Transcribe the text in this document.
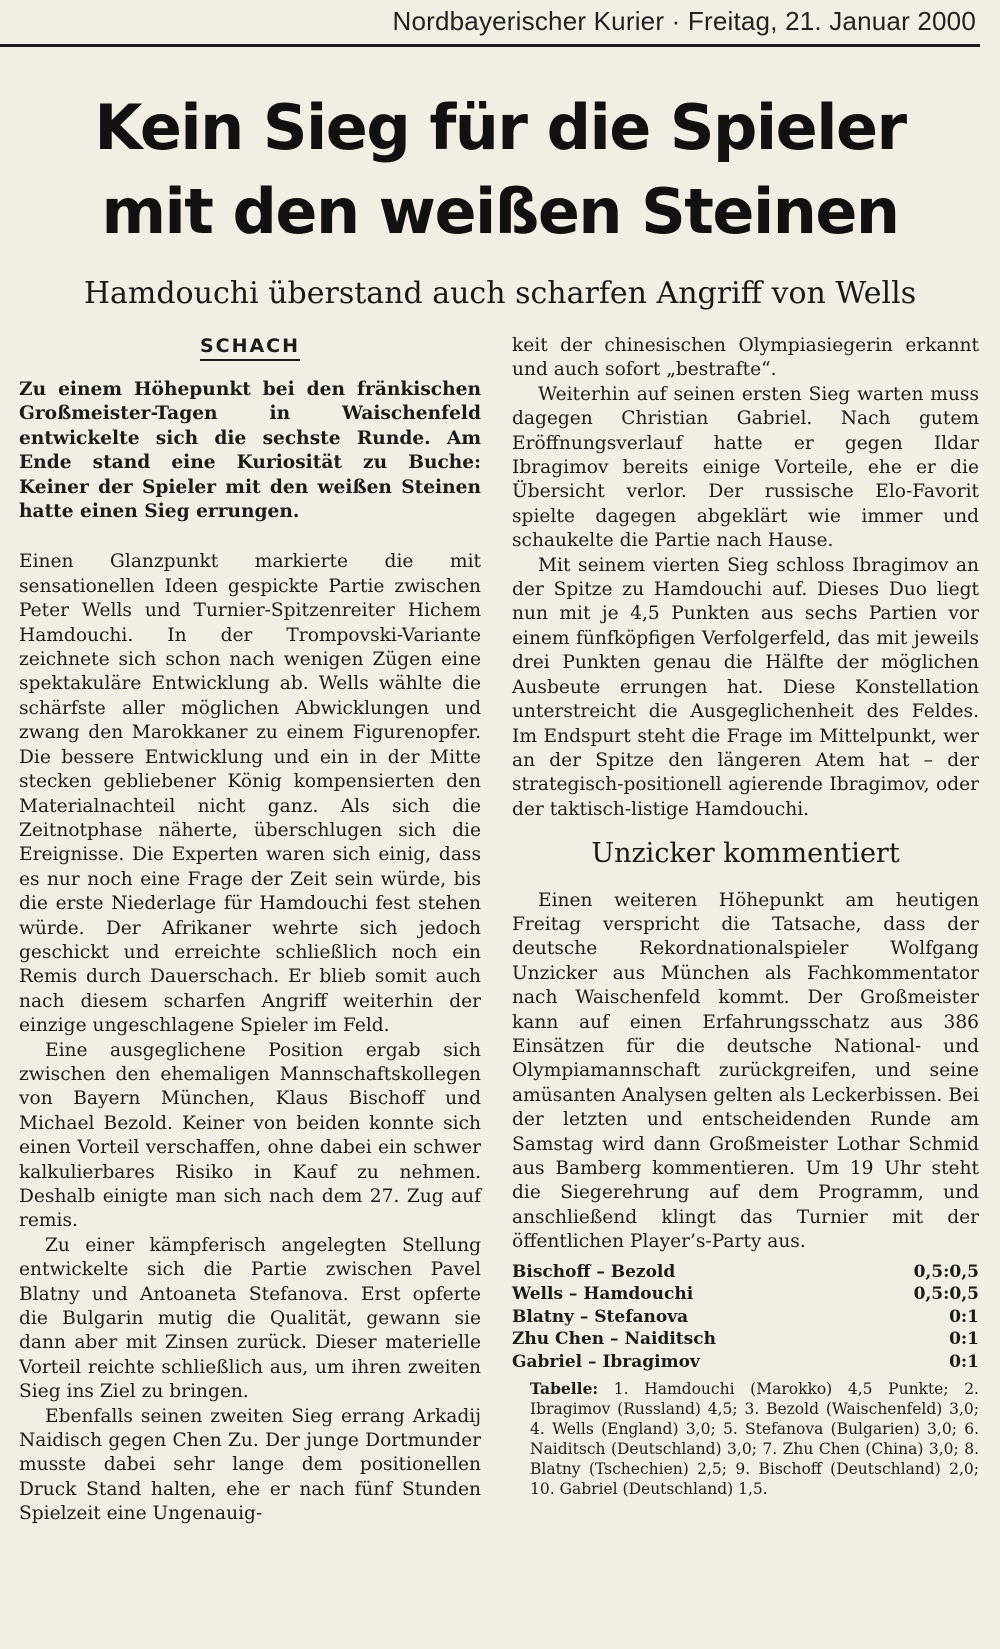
Nordbayerischer Kurier · Freitag, 21. Januar 2000
Kein Sieg für die Spieler
mit den weißen Steinen
Hamdouchi überstand auch scharfen Angriff von Wells
SCHACH

Zu einem Höhepunkt bei den fränkischen Großmeister-Tagen in Waischenfeld entwickelte sich die sechste Runde. Am Ende stand eine Kuriosität zu Buche: Keiner der Spieler mit den weißen Steinen hatte einen Sieg errungen.

Einen Glanzpunkt markierte die mit sensationellen Ideen gespickte Partie zwischen Peter Wells und Turnier-Spitzenreiter Hichem Hamdouchi. In der Trompovski-Variante zeichnete sich schon nach wenigen Zügen eine spektakuläre Entwicklung ab. Wells wählte die schärfste aller möglichen Abwicklungen und zwang den Marokkaner zu einem Figurenopfer. Die bessere Entwicklung und ein in der Mitte stecken gebliebener König kompensierten den Materialnachteil nicht ganz. Als sich die Zeitnotphase näherte, überschlugen sich die Ereignisse. Die Experten waren sich einig, dass es nur noch eine Frage der Zeit sein würde, bis die erste Niederlage für Hamdouchi fest stehen würde. Der Afrikaner wehrte sich jedoch geschickt und erreichte schließlich noch ein Remis durch Dauerschach. Er blieb somit auch nach diesem scharfen Angriff weiterhin der einzige ungeschlagene Spieler im Feld.

Eine ausgeglichene Position ergab sich zwischen den ehemaligen Mannschaftskollegen von Bayern München, Klaus Bischoff und Michael Bezold. Keiner von beiden konnte sich einen Vorteil verschaffen, ohne dabei ein schwer kalkulierbares Risiko in Kauf zu nehmen. Deshalb einigte man sich nach dem 27. Zug auf remis.

Zu einer kämpferisch angelegten Stellung entwickelte sich die Partie zwischen Pavel Blatny und Antoaneta Stefanova. Erst opferte die Bulgarin mutig die Qualität, gewann sie dann aber mit Zinsen zurück. Dieser materielle Vorteil reichte schließlich aus, um ihren zweiten Sieg ins Ziel zu bringen.

Ebenfalls seinen zweiten Sieg errang Arkadij Naidisch gegen Chen Zu. Der junge Dortmunder musste dabei sehr lange dem positionellen Druck Stand halten, ehe er nach fünf Stunden Spielzeit eine Ungenauig-

keit der chinesischen Olympiasiegerin erkannt und auch sofort „bestrafte“.

Weiterhin auf seinen ersten Sieg warten muss dagegen Christian Gabriel. Nach gutem Eröffnungsverlauf hatte er gegen Ildar Ibragimov bereits einige Vorteile, ehe er die Übersicht verlor. Der russische Elo-Favorit spielte dagegen abgeklärt wie immer und schaukelte die Partie nach Hause.

Mit seinem vierten Sieg schloss Ibragimov an der Spitze zu Hamdouchi auf. Dieses Duo liegt nun mit je 4,5 Punkten aus sechs Partien vor einem fünfköpfigen Verfolgerfeld, das mit jeweils drei Punkten genau die Hälfte der möglichen Ausbeute errungen hat. Diese Konstellation unterstreicht die Ausgeglichenheit des Feldes. Im Endspurt steht die Frage im Mittelpunkt, wer an der Spitze den längeren Atem hat – der strategisch-positionell agierende Ibragimov, oder der taktisch-listige Hamdouchi.

Unzicker kommentiert

Einen weiteren Höhepunkt am heutigen Freitag verspricht die Tatsache, dass der deutsche Rekordnationalspieler Wolfgang Unzicker aus München als Fachkommentator nach Waischenfeld kommt. Der Großmeister kann auf einen Erfahrungsschatz aus 386 Einsätzen für die deutsche National- und Olympiamannschaft zurückgreifen, und seine amüsanten Analysen gelten als Leckerbissen. Bei der letzten und entscheidenden Runde am Samstag wird dann Großmeister Lothar Schmid aus Bamberg kommentieren. Um 19 Uhr steht die Siegerehrung auf dem Programm, und anschließend klingt das Turnier mit der öffentlichen Player’s-Party aus.

Bischoff – Bezold	0,5:0,5
Wells – Hamdouchi	0,5:0,5
Blatny – Stefanova	0:1
Zhu Chen – Naiditsch	0:1
Gabriel – Ibragimov	0:1
Tabelle: 1. Hamdouchi (Marokko) 4,5 Punkte; 2. Ibragimov (Russland) 4,5; 3. Bezold (Waischenfeld) 3,0; 4. Wells (England) 3,0; 5. Stefanova (Bulgarien) 3,0; 6. Naiditsch (Deutschland) 3,0; 7. Zhu Chen (China) 3,0; 8. Blatny (Tschechien) 2,5; 9. Bischoff (Deutschland) 2,0; 10. Gabriel (Deutschland) 1,5.
